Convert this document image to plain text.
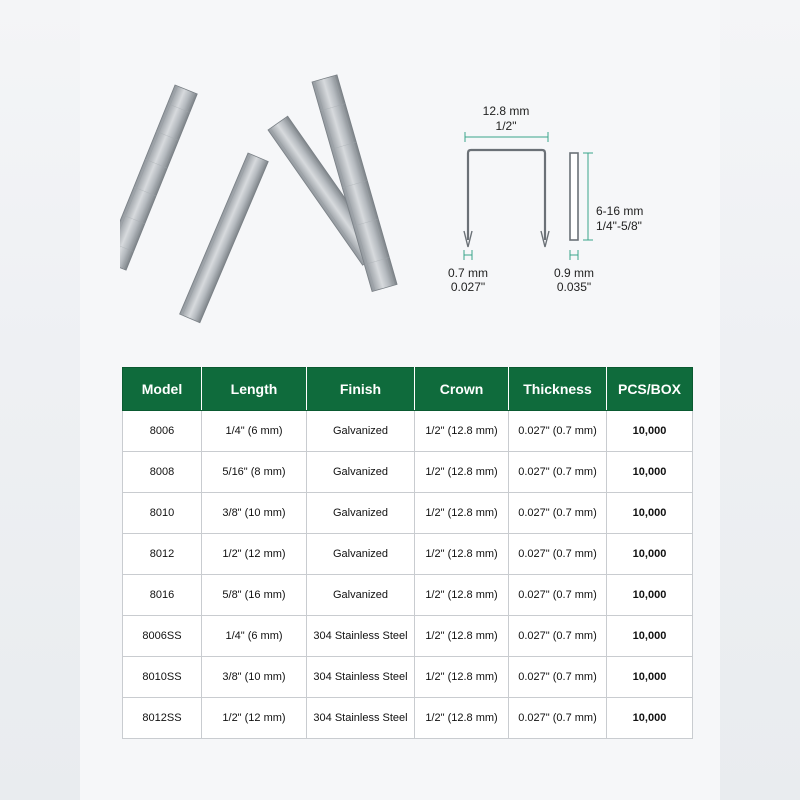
12.8 mm
1/2"
0.7 mm
0.027"
0.9 mm
0.035"
6-16 mm
1/4"-5/8"
Model	Length	Finish	Crown	Thickness	PCS/BOX
8006	1/4" (6 mm)	Galvanized	1/2" (12.8 mm)	0.027" (0.7 mm)	10,000
8008	5/16" (8 mm)	Galvanized	1/2" (12.8 mm)	0.027" (0.7 mm)	10,000
8010	3/8" (10 mm)	Galvanized	1/2" (12.8 mm)	0.027" (0.7 mm)	10,000
8012	1/2" (12 mm)	Galvanized	1/2" (12.8 mm)	0.027" (0.7 mm)	10,000
8016	5/8" (16 mm)	Galvanized	1/2" (12.8 mm)	0.027" (0.7 mm)	10,000
8006SS	1/4" (6 mm)	304 Stainless Steel	1/2" (12.8 mm)	0.027" (0.7 mm)	10,000
8010SS	3/8" (10 mm)	304 Stainless Steel	1/2" (12.8 mm)	0.027" (0.7 mm)	10,000
8012SS	1/2" (12 mm)	304 Stainless Steel	1/2" (12.8 mm)	0.027" (0.7 mm)	10,000
